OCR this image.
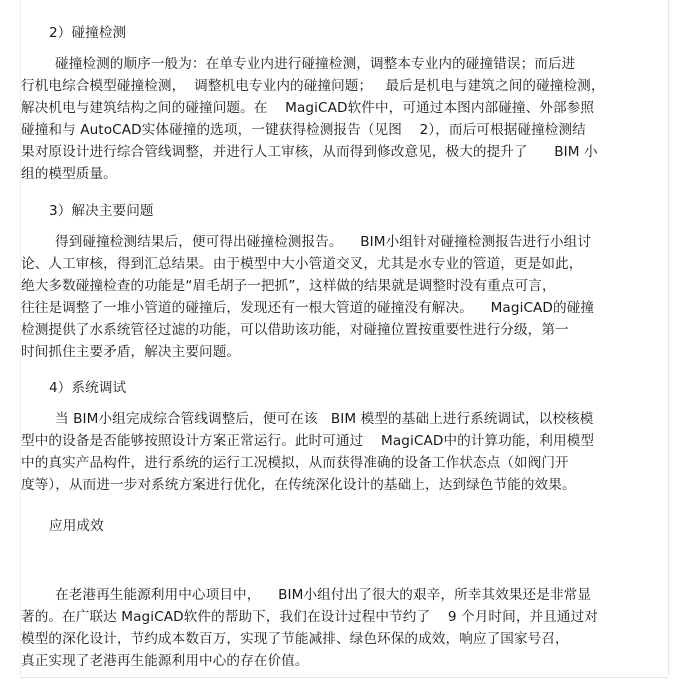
2）碰撞检测
碰撞检测的顺序一般为：在单专业内进行碰撞检测，调整本专业内的碰撞错误；而后进
行机电综合模型碰撞检测，  调整机电专业内的碰撞问题；   最后是机电与建筑之间的碰撞检测，
解决机电与建筑结构之间的碰撞问题。在    MagiCAD软件中，可通过本图内部碰撞、外部参照
碰撞和与 AutoCAD实体碰撞的选项，一键获得检测报告（见图    2），而后可根据碰撞检测结
果对原设计进行综合管线调整，并进行人工审核，从而得到修改意见，极大的提升了      BIM 小
组的模型质量。
3）解决主要问题
得到碰撞检测结果后，便可得出碰撞检测报告。    BIM小组针对碰撞检测报告进行小组讨
论、人工审核，得到汇总结果。由于模型中大小管道交叉，尤其是水专业的管道，更是如此，
绝大多数碰撞检查的功能是“眉毛胡子一把抓”，这样做的结果就是调整时没有重点可言，
往往是调整了一堆小管道的碰撞后，发现还有一根大管道的碰撞没有解决。    MagiCAD的碰撞
检测提供了水系统管径过滤的功能，可以借助该功能，对碰撞位置按重要性进行分级，第一
时间抓住主要矛盾，解决主要问题。
4）系统调试
当 BIM小组完成综合管线调整后，便可在该   BIM 模型的基础上进行系统调试，以校核模
型中的设备是否能够按照设计方案正常运行。此时可通过    MagiCAD中的计算功能，利用模型
中的真实产品构件，进行系统的运行工况模拟，从而获得准确的设备工作状态点（如阀门开
度等），从而进一步对系统方案进行优化，在传统深化设计的基础上，达到绿色节能的效果。
应用成效
在老港再生能源利用中心项目中，    BIM小组付出了很大的艰辛，所幸其效果还是非常显
著的。在广联达 MagiCAD软件的帮助下，我们在设计过程中节约了    9 个月时间，并且通过对
模型的深化设计，节约成本数百万，实现了节能减排、绿色环保的成效，响应了国家号召，
真正实现了老港再生能源利用中心的存在价值。
